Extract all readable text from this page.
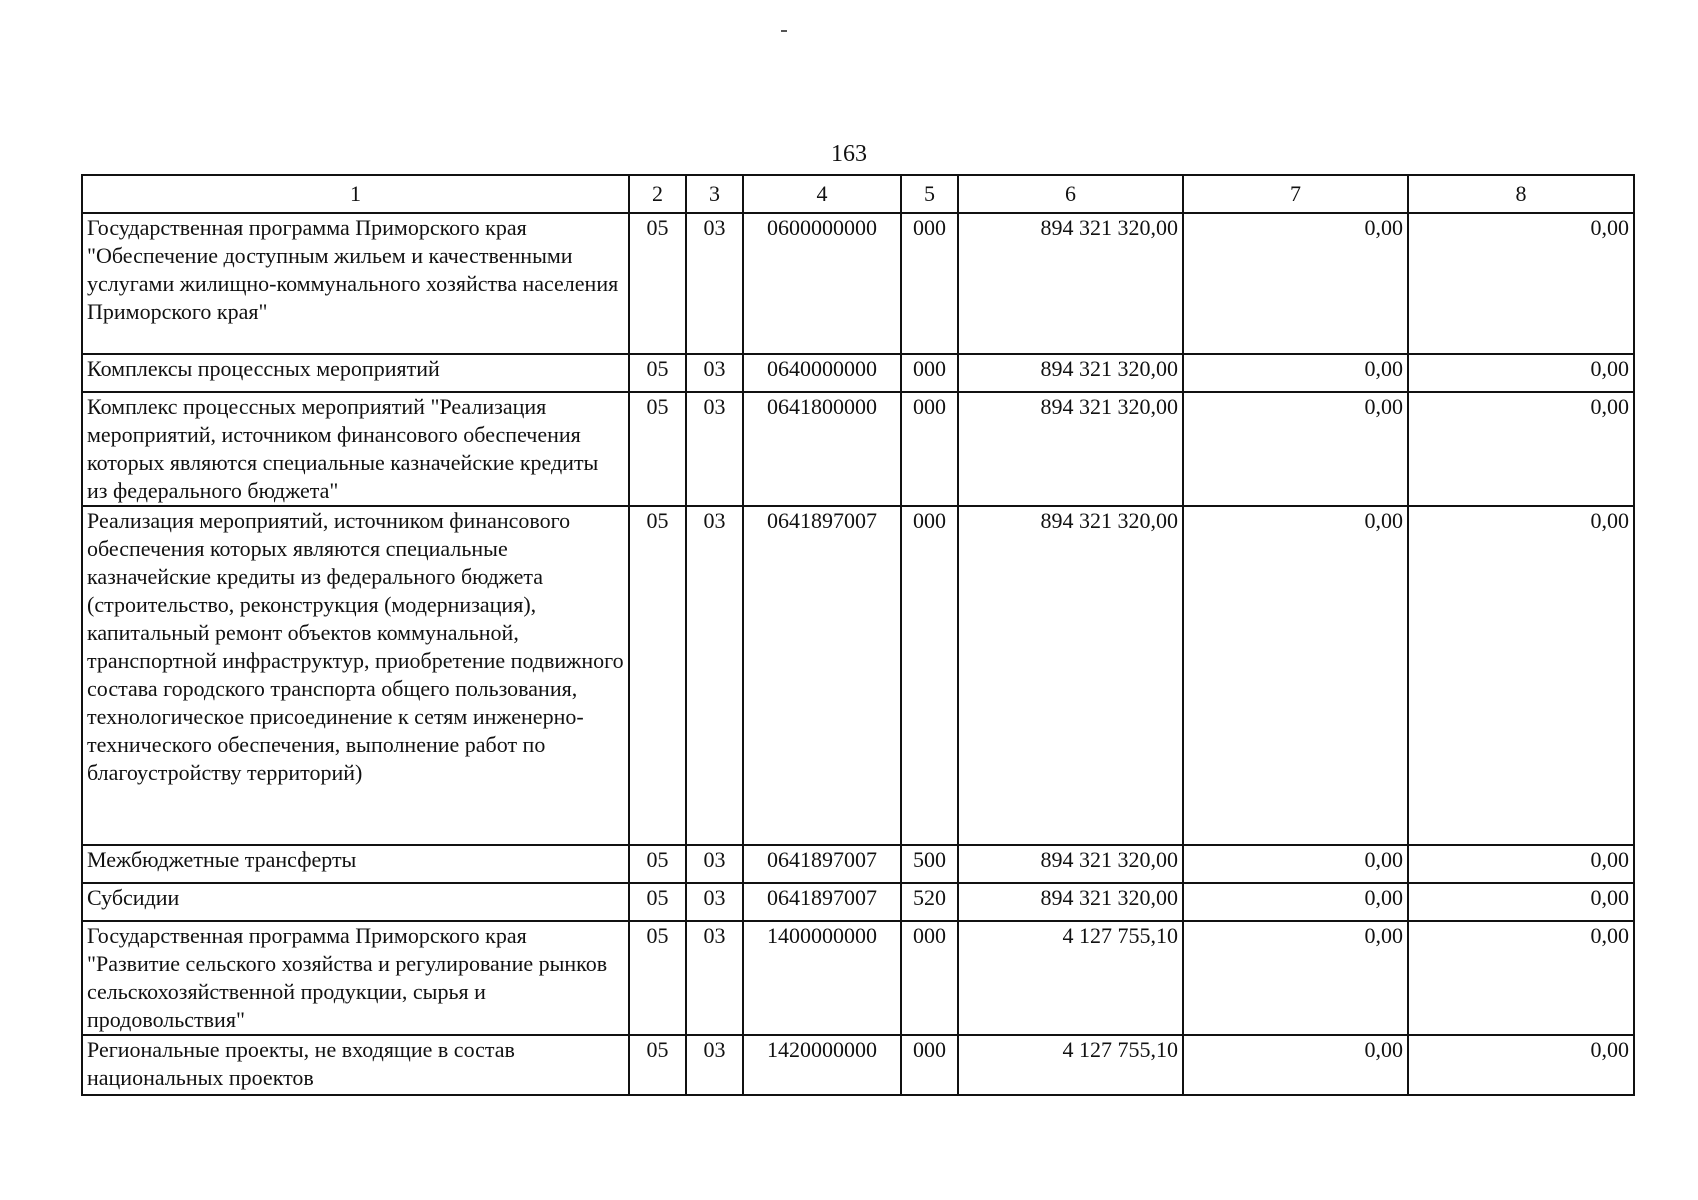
163
1	2	3	4	5	6	7	8
Государственная программа Приморского края "Обеспечение доступным жильем и качественными услугами жилищно-коммунального хозяйства населения Приморского края"	05	03	0600000000	000	894 321 320,00	0,00	0,00
Комплексы процессных мероприятий	05	03	0640000000	000	894 321 320,00	0,00	0,00
Комплекс процессных мероприятий "Реализация мероприятий, источником финансового обеспечения которых являются специальные казначейские кредиты из федерального бюджета"	05	03	0641800000	000	894 321 320,00	0,00	0,00
Реализация мероприятий, источником финансового обеспечения которых являются специальные казначейские кредиты из федерального бюджета (строительство, реконструкция (модернизация), капитальный ремонт объектов коммунальной, транспортной инфраструктур, приобретение подвижного состава городского транспорта общего пользования, технологическое присоединение к сетям инженерно-технического обеспечения, выполнение работ по благоустройству территорий)	05	03	0641897007	000	894 321 320,00	0,00	0,00
Межбюджетные трансферты	05	03	0641897007	500	894 321 320,00	0,00	0,00
Субсидии	05	03	0641897007	520	894 321 320,00	0,00	0,00
Государственная программа Приморского края "Развитие сельского хозяйства и регулирование рынков сельскохозяйственной продукции, сырья и продовольствия"	05	03	1400000000	000	4 127 755,10	0,00	0,00
Региональные проекты, не входящие в состав национальных проектов	05	03	1420000000	000	4 127 755,10	0,00	0,00
